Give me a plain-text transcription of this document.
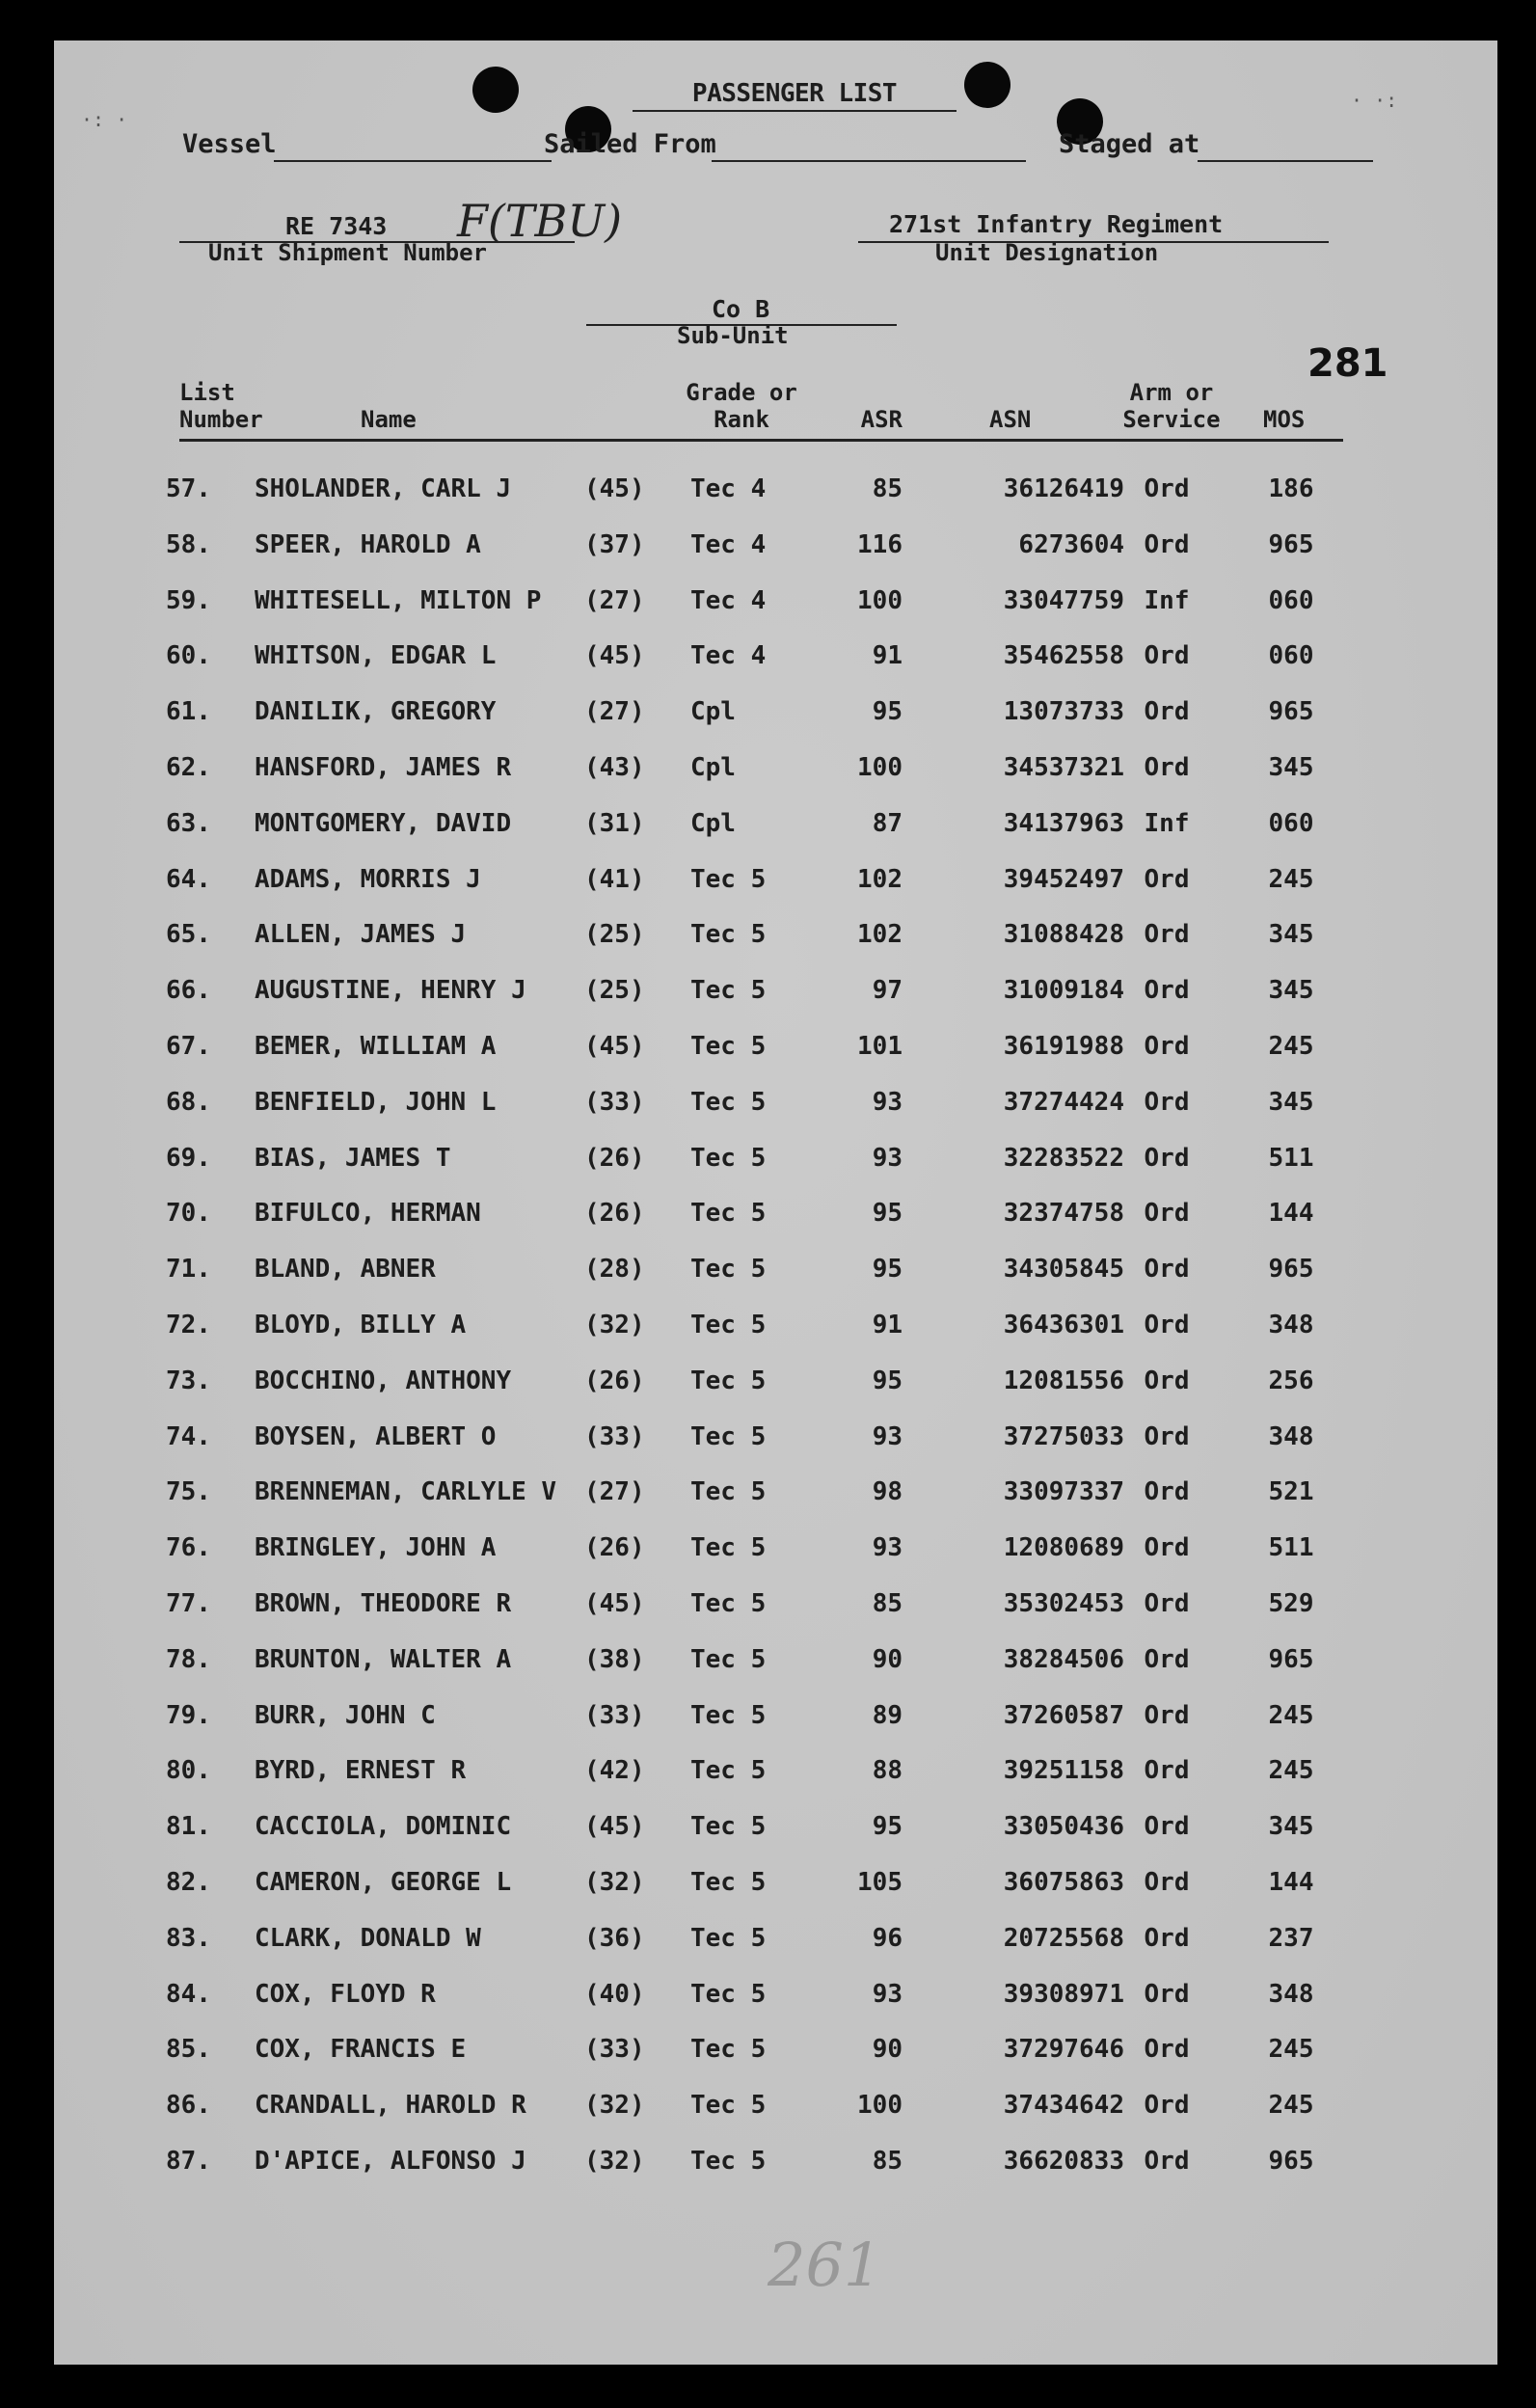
·: ·
· ·:
PASSENGER LIST
Vessel	Sailed From	Staged at
RE 7343 F(TBU)
Unit Shipment Number
271st Infantry Regiment
Unit Designation
Co B
Sub-Unit
281
List
Number	Name
Grade or
Rank	ASR	ASN
Arm or
Service	MOS
57.	SHOLANDER, CARL J	(45) Tec 4	85	36126419 Ord	186
58.	SPEER, HAROLD A	(37) Tec 4	116	6273604 Ord	965
59.	WHITESELL, MILTON P (27) Tec 4	100	33047759 Inf	060
60.	WHITSON, EDGAR L	(45) Tec 4	91	35462558 Ord	060
61.	DANILIK, GREGORY	(27) Cpl	95	13073733 Ord	965
62.	HANSFORD, JAMES R	(43) Cpl	100	34537321 Ord	345
63.	MONTGOMERY, DAVID	(31) Cpl	87	34137963 Inf	060
64.	ADAMS, MORRIS J	(41) Tec 5	102	39452497 Ord	245
65.	ALLEN, JAMES J	(25) Tec 5	102	31088428 Ord	345
66.	AUGUSTINE, HENRY J (25) Tec 5	97	31009184 Ord	345
67.	BEMER, WILLIAM A	(45) Tec 5	101	36191988 Ord	245
68.	BENFIELD, JOHN L	(33) Tec 5	93	37274424 Ord	345
69.	BIAS, JAMES T	(26) Tec 5	93	32283522 Ord	511
70.	BIFULCO, HERMAN	(26) Tec 5	95	32374758 Ord	144
71.	BLAND, ABNER	(28) Tec 5	95	34305845 Ord	965
72.	BLOYD, BILLY A	(32) Tec 5	91	36436301 Ord	348
73.	BOCCHINO, ANTHONY	(26) Tec 5	95	12081556 Ord	256
74.	BOYSEN, ALBERT O	(33) Tec 5	93	37275033 Ord	348
75.	BRENNEMAN, CARLYLE V (27) Tec 5	98	33097337 Ord	521
76.	BRINGLEY, JOHN A	(26) Tec 5	93	12080689 Ord	511
77.	BROWN, THEODORE R	(45) Tec 5	85	35302453 Ord	529
78.	BRUNTON, WALTER A	(38) Tec 5	90	38284506 Ord	965
79.	BURR, JOHN C	(33) Tec 5	89	37260587 Ord	245
80.	BYRD, ERNEST R	(42) Tec 5	88	39251158 Ord	245
81.	CACCIOLA, DOMINIC	(45) Tec 5	95	33050436 Ord	345
82.	CAMERON, GEORGE L	(32) Tec 5	105	36075863 Ord	144
83.	CLARK, DONALD W	(36) Tec 5	96	20725568 Ord	237
84.	COX, FLOYD R	(40) Tec 5	93	39308971 Ord	348
85.	COX, FRANCIS E	(33) Tec 5	90	37297646 Ord	245
86.	CRANDALL, HAROLD R (32) Tec 5	100	37434642 Ord	245
87.	D'APICE, ALFONSO J (32) Tec 5	85	36620833 Ord	965
261
